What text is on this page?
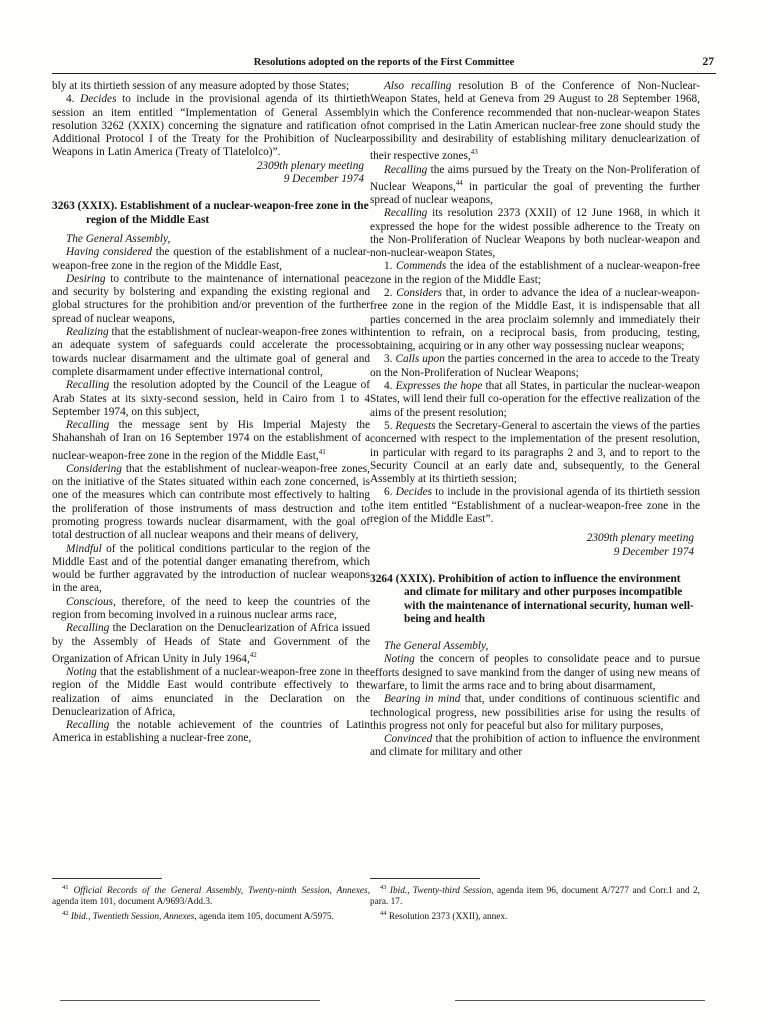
Resolutions adopted on the reports of the First Committee	27

bly at its thirtieth session of any measure adopted by those States;

4. Decides to include in the provisional agenda of its thirtieth session an item entitled “Implementation of General Assembly resolution 3262 (XXIX) concerning the signature and ratification of Additional Protocol I of the Treaty for the Prohibition of Nuclear Weapons in Latin America (Treaty of Tlatelolco)”.

2309th plenary meeting

9 December 1974

3263 (XXIX). Establishment of a nuclear-weapon-free zone in the region of the Middle East

The General Assembly,

Having considered the question of the establishment of a nuclear-weapon-free zone in the region of the Middle East,

Desiring to contribute to the maintenance of international peace and security by bolstering and expanding the existing regional and global structures for the prohibition and/or prevention of the further spread of nuclear weapons,

Realizing that the establishment of nuclear-weapon-free zones with an adequate system of safeguards could accelerate the process towards nuclear disarmament and the ultimate goal of general and complete disarmament under effective international control,

Recalling the resolution adopted by the Council of the League of Arab States at its sixty-second session, held in Cairo from 1 to 4 September 1974, on this subject,

Recalling the message sent by His Imperial Majesty the Shahanshah of Iran on 16 September 1974 on the establishment of a nuclear-weapon-free zone in the region of the Middle East,$^{41}$

Considering that the establishment of nuclear-weapon-free zones, on the initiative of the States situated within each zone concerned, is one of the measures which can contribute most effectively to halting the proliferation of those instruments of mass destruction and to promoting progress towards nuclear disarmament, with the goal of total destruction of all nuclear weapons and their means of delivery,

Mindful of the political conditions particular to the region of the Middle East and of the potential danger emanating therefrom, which would be further aggravated by the introduction of nuclear weapons in the area,

Conscious, therefore, of the need to keep the countries of the region from becoming involved in a ruinous nuclear arms race,

Recalling the Declaration on the Denuclearization of Africa issued by the Assembly of Heads of State and Government of the Organization of African Unity in July 1964,42

Noting that the establishment of a nuclear-weapon-free zone in the region of the Middle East would contribute effectively to the realization of aims enunciated in the Declaration on the Denuclearization of Africa,

Recalling the notable achievement of the countries of Latin America in establishing a nuclear-free zone,

$^{41}$ Official Records of the General Assembly, Twenty-ninth Session, Annexes, agenda item 101, document A/9693/Add.3.

$^{42}$ Ibid., Twentieth Session, Annexes, agenda item 105, document A/5975.

Also recalling resolution B of the Conference of Non-Nuclear-Weapon States, held at Geneva from 29 August to 28 September 1968, in which the Conference recommended that non-nuclear-weapon States not comprised in the Latin American nuclear-free zone should study the possibility and desirability of establishing military denuclearization of their respective zones,$^{43}$

Recalling the aims pursued by the Treaty on the Non-Proliferation of Nuclear Weapons,$^{44}$ in particular the goal of preventing the further spread of nuclear weapons,

Recalling its resolution 2373 (XXII) of 12 June 1968, in which it expressed the hope for the widest possible adherence to the Treaty on the Non-Proliferation of Nuclear Weapons by both nuclear-weapon and non-nuclear-weapon States,

1. Commends the idea of the establishment of a nuclear-weapon-free zone in the region of the Middle East;

2. Considers that, in order to advance the idea of a nuclear-weapon-free zone in the region of the Middle East, it is indispensable that all parties concerned in the area proclaim solemnly and immediately their intention to refrain, on a reciprocal basis, from producing, testing, obtaining, acquiring or in any other way possessing nuclear weapons;

3. Calls upon the parties concerned in the area to accede to the Treaty on the Non-Proliferation of Nuclear Weapons;

4. Expresses the hope that all States, in particular the nuclear-weapon States, will lend their full co-operation for the effective realization of the aims of the present resolution;

5. Requests the Secretary-General to ascertain the views of the parties concerned with respect to the implementation of the present resolution, in particular with regard to its paragraphs 2 and 3, and to report to the Security Council at an early date and, subsequently, to the General Assembly at its thirtieth session;

6. Decides to include in the provisional agenda of its thirtieth session the item entitled “Establishment of a nuclear-weapon-free zone in the region of the Middle East”.

2309th plenary meeting

9 December 1974

3264 (XXIX). Prohibition of action to influence the environment and climate for military and other purposes incompatible with the maintenance of international security, human well-being and health

The General Assembly,

Noting the concern of peoples to consolidate peace and to pursue efforts designed to save mankind from the danger of using new means of warfare, to limit the arms race and to bring about disarmament,

Bearing in mind that, under conditions of continuous scientific and technological progress, new possibilities arise for using the results of this progress not only for peaceful but also for military purposes,

Convinced that the prohibition of action to influence the environment and climate for military and other

$^{43}$ Ibid., Twenty-third Session, agenda item 96, document A/7277 and Corr.1 and 2, para. 17.

$^{44}$ Resolution 2373 (XXII), annex.
